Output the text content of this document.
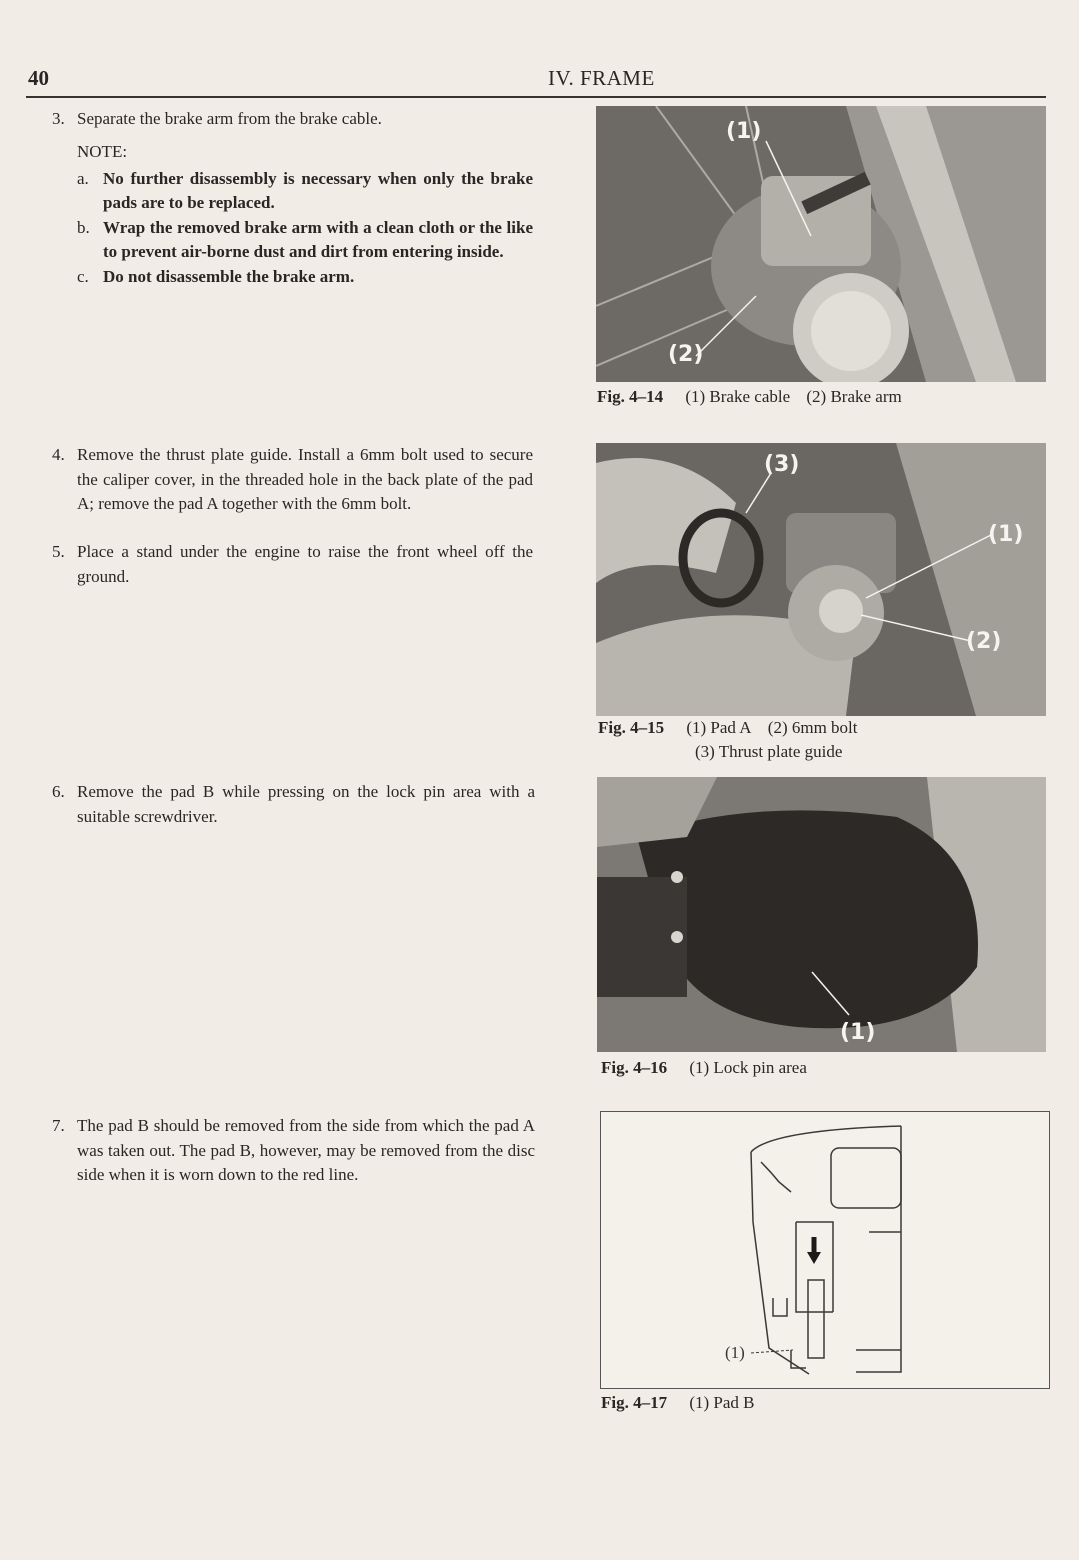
40	IV. FRAME
3. Separate the brake arm from the brake cable.
NOTE:
a. No further disassembly is necessary when only the brake pads are to be replaced.
b. Wrap the removed brake arm with a clean cloth or the like to prevent air-borne dust and dirt from entering inside.
c. Do not disassemble the brake arm.
4. Remove the thrust plate guide. Install a 6mm bolt used to secure the caliper cover, in the threaded hole in the back plate of the pad A; remove the pad A together with the 6mm bolt.
5. Place a stand under the engine to raise the front wheel off the ground.
6. Remove the pad B while pressing on the lock pin area with a suitable screwdriver.
7. The pad B should be removed from the side from which the pad A was taken out. The pad B, however, may be removed from the disc side when it is worn down to the red line.
(1)
(2)
Fig. 4–14 (1) Brake cable (2) Brake arm
(3)
(1)
(2)
Fig. 4–15 (1) Pad A (2) 6mm bolt
(3) Thrust plate guide
(1)
Fig. 4–16 (1) Lock pin area
(1)
Fig. 4–17 (1) Pad B
